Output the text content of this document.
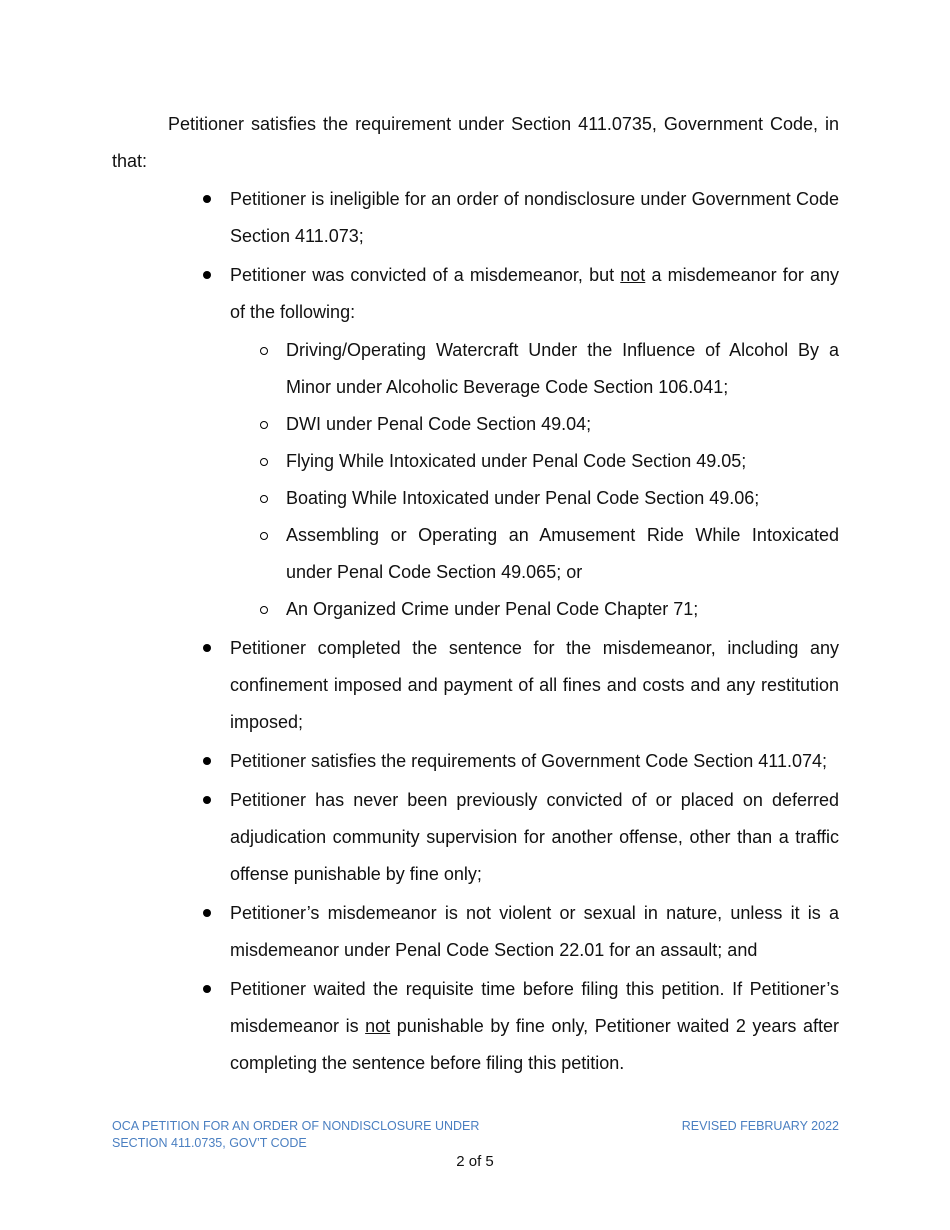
Petitioner satisfies the requirement under Section 411.0735, Government Code, in that:

Petitioner is ineligible for an order of nondisclosure under Government Code Section 411.073;
Petitioner was convicted of a misdemeanor, but not a misdemeanor for any of the following:
Driving/Operating Watercraft Under the Influence of Alcohol By a Minor under Alcoholic Beverage Code Section 106.041;
DWI under Penal Code Section 49.04;
Flying While Intoxicated under Penal Code Section 49.05;
Boating While Intoxicated under Penal Code Section 49.06;
Assembling or Operating an Amusement Ride While Intoxicated under Penal Code Section 49.065; or
An Organized Crime under Penal Code Chapter 71;
Petitioner completed the sentence for the misdemeanor, including any confinement imposed and payment of all fines and costs and any restitution imposed;
Petitioner satisfies the requirements of Government Code Section 411.074;
Petitioner has never been previously convicted of or placed on deferred adjudication community supervision for another offense, other than a traffic offense punishable by fine only;
Petitioner’s misdemeanor is not violent or sexual in nature, unless it is a misdemeanor under Penal Code Section 22.01 for an assault; and
Petitioner waited the requisite time before filing this petition. If Petitioner’s misdemeanor is not punishable by fine only, Petitioner waited 2 years after completing the sentence before filing this petition.
OCA PETITION FOR AN ORDER OF NONDISCLOSURE UNDER
SECTION 411.0735, GOV’T CODE
REVISED FEBRUARY 2022
2 of 5
